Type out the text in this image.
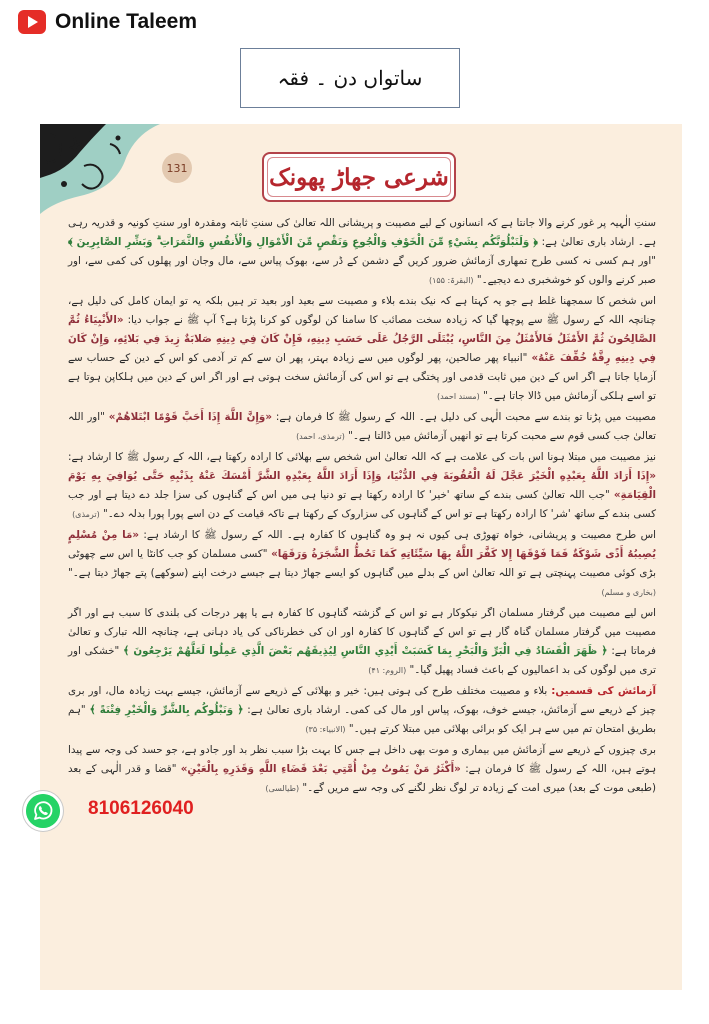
Online Taleem
ساتواں دن ۔ فقہ
131	شرعی جھاڑ پھونک

سنتِ الٰہیہ پر غور کرنے والا جانتا ہے کہ انسانوں کے لیے مصیبت و پریشانی اللہ تعالیٰ کی سنتِ ثابتہ ومقدرہ اور سنتِ کونیہ و قدریہ رہی ہے۔ ارشاد باری تعالیٰ ہے: ﴿ وَلَنَبْلُوَنَّكُم بِشَيْءٍ مِّنَ الْخَوْفِ وَالْجُوعِ وَنَقْصٍ مِّنَ الْأَمْوَالِ وَالْأَنفُسِ وَالثَّمَرَاتِ ۗ وَبَشِّرِ الصَّابِرِينَ ﴾ "اور ہم کسی نہ کسی طرح تمھاری آزمائش ضرور کریں گے دشمن کے ڈر سے، بھوک پیاس سے، مال وجان اور پھلوں کی کمی سے، اور صبر کرنے والوں کو خوشخبری دے دیجیے۔" (البقرۃ: ۱۵۵)

اس شخص کا سمجھنا غلط ہے جو یہ کہتا ہے کہ نیک بندے بلاء و مصیبت سے بعید اور بعید تر ہیں بلکہ یہ تو ایمان کامل کی دلیل ہے، چنانچہ اللہ کے رسول ﷺ سے پوچھا گیا کہ زیادہ سخت مصائب کا سامنا کن لوگوں کو کرنا پڑتا ہے؟ آپ ﷺ نے جواب دیا: «الأَنْبِيَاءُ ثُمَّ الصَّالِحُونَ ثُمَّ الأَمْثَلُ فَالأَمْثَلُ مِنَ النَّاسِ، يُبْتَلَى الرَّجُلُ عَلَى حَسَبِ دِينِهِ، فَإِنْ كَانَ فِي دِينِهِ صَلابَةٌ زِيدَ فِي بَلائِهِ، وَإِنْ كَانَ فِي دِينِهِ رِقَّةٌ خُفِّفَ عَنْهُ» "انبیاء پھر صالحین، پھر لوگوں میں سے زیادہ بہتر، پھر ان سے کم تر آدمی کو اس کے دین کے حساب سے آزمایا جاتا ہے اگر اس کے دین میں ثابت قدمی اور پختگی ہے تو اس کی آزمائش سخت ہوتی ہے اور اگر اس کے دین میں ہلکاپن ہوتا ہے تو اسے ہلکی آزمائش میں ڈالا جاتا ہے۔" (مسند احمد)

مصیبت میں پڑنا تو بندے سے محبت الٰہی کی دلیل ہے۔ اللہ کے رسول ﷺ کا فرمان ہے: «وَإِنَّ اللَّهَ إِذَا أَحَبَّ قَوْمًا ابْتَلاهُمْ» "اور اللہ تعالیٰ جب کسی قوم سے محبت کرتا ہے تو انھیں آزمائش میں ڈالتا ہے۔" (ترمذی، احمد)

نیز مصیبت میں مبتلا ہونا اس بات کی علامت ہے کہ اللہ تعالیٰ اس شخص سے بھلائی کا ارادہ رکھتا ہے، اللہ کے رسول ﷺ کا ارشاد ہے: «إِذَا أَرَادَ اللَّهُ بِعَبْدِهِ الْخَيْرَ عَجَّلَ لَهُ الْعُقُوبَةَ فِي الدُّنْيَا، وَإِذَا أَرَادَ اللَّهُ بِعَبْدِهِ الشَّرَّ أَمْسَكَ عَنْهُ بِذَنْبِهِ حَتَّى يُوَافِيَ بِهِ يَوْمَ الْقِيَامَةِ» "جب اللہ تعالیٰ کسی بندے کے ساتھ 'خیر' کا ارادہ رکھتا ہے تو دنیا ہی میں اس کے گناہوں کی سزا جلد دے دیتا ہے اور جب کسی بندے کے ساتھ 'شر' کا ارادہ رکھتا ہے تو اس کے گناہوں کی سزاروک کے رکھتا ہے تاکہ قیامت کے دن اسے پورا پورا بدلہ دے۔" (ترمذی)

اس طرح مصیبت و پریشانی، خواہ تھوڑی ہی کیوں نہ ہو وہ گناہوں کا کفارہ ہے۔ اللہ کے رسول ﷺ کا ارشاد ہے: «مَا مِنْ مُسْلِمٍ يُصِيبُهُ أَذًى شَوْكَةٌ فَمَا فَوْقَهَا إِلا كَفَّرَ اللَّهُ بِهَا سَيِّئَاتِهِ كَمَا تَحُطُّ الشَّجَرَةُ وَرَقَهَا» "کسی مسلمان کو جب کانٹا یا اس سے چھوٹی بڑی کوئی مصیبت پہنچتی ہے تو اللہ تعالیٰ اس کے بدلے میں گناہوں کو ایسے جھاڑ دیتا ہے جیسے درخت اپنے (سوکھے) پتے جھاڑ دیتا ہے۔" (بخاری و مسلم)

اس لیے مصیبت میں گرفتار مسلمان اگر نیکوکار ہے تو اس کے گزشتہ گناہوں کا کفارہ ہے یا پھر درجات کی بلندی کا سبب ہے اور اگر مصیبت میں گرفتار مسلمان گناہ گار ہے تو اس کے گناہوں کا کفارہ اور ان کی خطرناکی کی یاد دہانی ہے، چنانچہ اللہ تبارک و تعالیٰ فرماتا ہے: ﴿ ظَهَرَ الْفَسَادُ فِي الْبَرِّ وَالْبَحْرِ بِمَا كَسَبَتْ أَيْدِي النَّاسِ لِيُذِيقَهُم بَعْضَ الَّذِي عَمِلُوا لَعَلَّهُمْ يَرْجِعُونَ ﴾ "خشکی اور تری میں لوگوں کی بد اعمالیوں کے باعث فساد پھیل گیا۔" (الروم: ۴۱)

آزمائش کی قسمیں: بلاء و مصیبت مختلف طرح کی ہوتی ہیں: خیر و بھلائی کے ذریعے سے آزمائش، جیسے بہت زیادہ مال، اور بری چیز کے ذریعے سے آزمائش، جیسے خوف، بھوک، پیاس اور مال کی کمی۔ ارشاد باری تعالیٰ ہے: ﴿ وَنَبْلُوكُم بِالشَّرِّ وَالْخَيْرِ فِتْنَةً ﴾ "ہم بطریق امتحان تم میں سے ہر ایک کو برائی بھلائی میں مبتلا کرتے ہیں۔" (الانبیاء: ۳۵)

بری چیزوں کے ذریعے سے آزمائش میں بیماری و موت بھی داخل ہے جس کا بہت بڑا سبب نظر بد اور جادو ہے، جو حسد کی وجہ سے پیدا ہوتے ہیں، اللہ کے رسول ﷺ کا فرمان ہے: «أَكْثَرُ مَنْ يَمُوتُ مِنْ أُمَّتِي بَعْدَ قَضَاءِ اللَّهِ وَقَدَرِهِ بِالْعَيْنِ» "قضا و قدر الٰہی کے بعد (طبعی موت کے بعد) میری امت کے زیادہ تر لوگ نظر لگنے کی وجہ سے مریں گے۔" (طیالسی)

8106126040
